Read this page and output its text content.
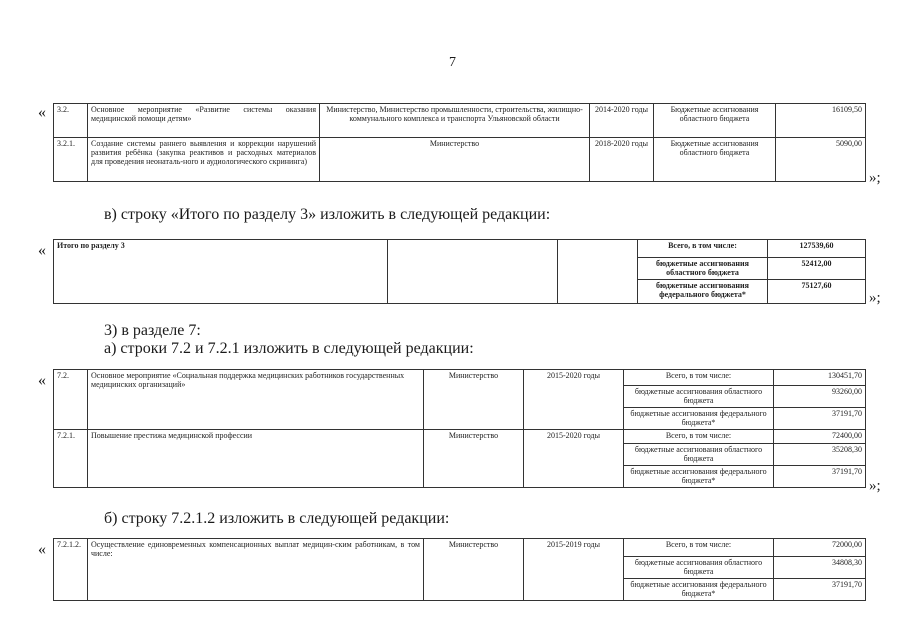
7
« 3.2.	Основное мероприятие «Развитие системы оказания медицинской помощи детям»	Министерство, Министерство промышленности, строительства, жилищно-коммунального комплекса и транспорта Ульяновской области	2014-2020 годы	Бюджетные ассигнования областного бюджета	16109,50
3.2.1.	Создание системы раннего выявления и коррекции нарушений развития ребёнка (закупка реактивов и расходных материалов для проведения неонаталь-ного и аудиологического скрининга)	Министерство	2018-2020 годы	Бюджетные ассигнования областного бюджета	5090,00
»;
в) строку «Итого по разделу 3» изложить в следующей редакции:
« Итого по разделу 3			Всего, в том числе:	127539,60
			бюджетные ассигнования областного бюджета	52412,00
			бюджетные ассигнования федерального бюджета*	75127,60
»;
3) в разделе 7:
а) строки 7.2 и 7.2.1 изложить в следующей редакции:
« 7.2.	Основное мероприятие «Социальная поддержка медицинских работников государственных медицинских организаций»	Министерство	2015-2020 годы	Всего, в том числе:	130451,70
				бюджетные ассигнования областного бюджета	93260,00
				бюджетные ассигнования федерального бюджета*	37191,70
7.2.1.	Повышение престижа медицинской профессии	Министерство	2015-2020 годы	Всего, в том числе:	72400,00
				бюджетные ассигнования областного бюджета	35208,30
				бюджетные ассигнования федерального бюджета*	37191,70
»;
б) строку 7.2.1.2 изложить в следующей редакции:
« 7.2.1.2.	Осуществление единовременных компенсационных выплат медицин-ским работникам, в том числе:	Министерство	2015-2019 годы	Всего, в том числе:	72000,00
				бюджетные ассигнования областного бюджета	34808,30
				бюджетные ассигнования федерального бюджета*	37191,70
